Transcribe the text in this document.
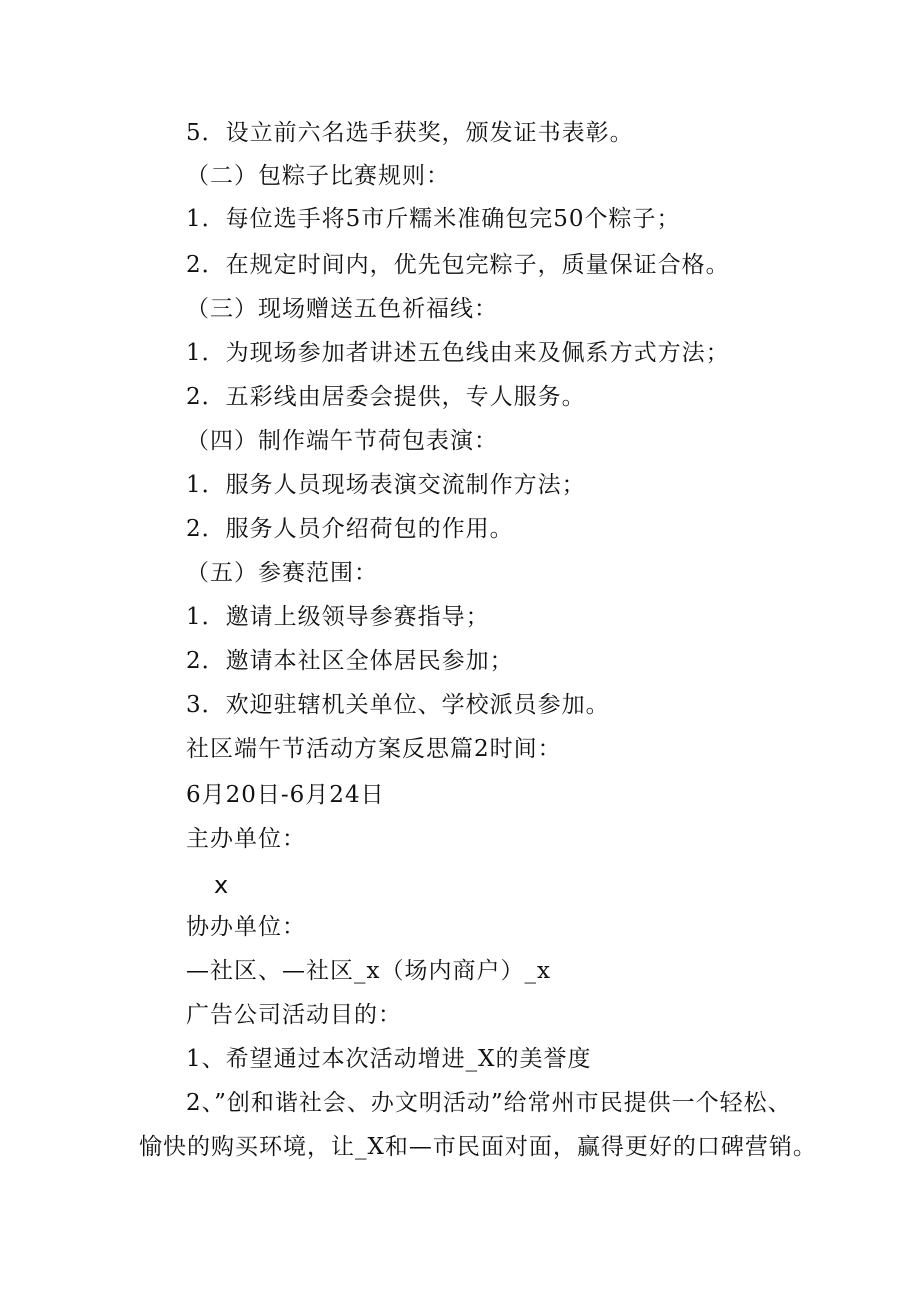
5．设立前六名选手获奖，颁发证书表彰。
（二）包粽子比赛规则：
1．每位选手将5市斤糯米准确包完50个粽子；
2．在规定时间内，优先包完粽子，质量保证合格。
（三）现场赠送五色祈福线：
1．为现场参加者讲述五色线由来及佩系方式方法；
2．五彩线由居委会提供，专人服务。
（四）制作端午节荷包表演：
1．服务人员现场表演交流制作方法；
2．服务人员介绍荷包的作用。
（五）参赛范围：
1．邀请上级领导参赛指导；
2．邀请本社区全体居民参加；
3．欢迎驻辖机关单位、学校派员参加。
社区端午节活动方案反思篇2时间：
6月20日-6月24日
主办单位：
x
协办单位：
—社区、—社区_x（场内商户）_x
广告公司活动目的：
1、希望通过本次活动增进_X的美誉度
2、”创和谐社会、办文明活动”给常州市民提供一个轻松、
愉快的购买环境，让_X和—市民面对面，赢得更好的口碑营销。
